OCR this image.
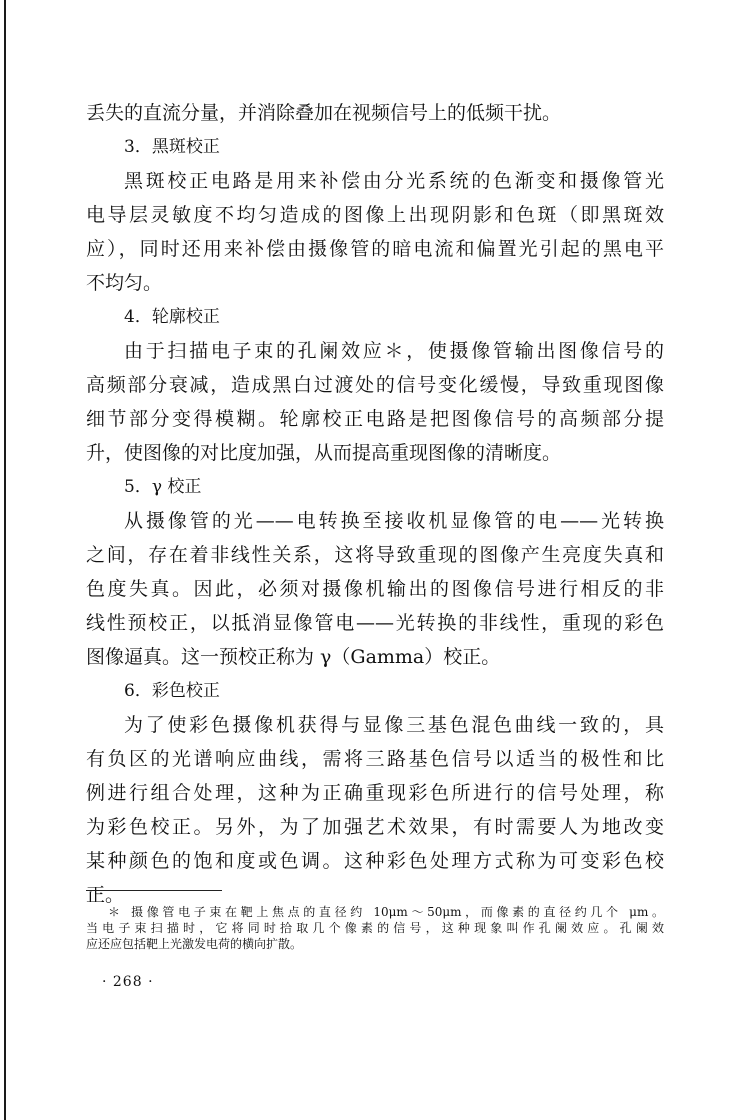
丢失的直流分量，并消除叠加在视频信号上的低频干扰。
3．黑斑校正
黑斑校正电路是用来补偿由分光系统的色渐变和摄像管光
电导层灵敏度不均匀造成的图像上出现阴影和色斑（即黑斑效
应），同时还用来补偿由摄像管的暗电流和偏置光引起的黑电平
不均匀。
4．轮廓校正
由于扫描电子束的孔阑效应＊，使摄像管输出图像信号的
高频部分衰减，造成黑白过渡处的信号变化缓慢，导致重现图像
细节部分变得模糊。轮廓校正电路是把图像信号的高频部分提
升，使图像的对比度加强，从而提高重现图像的清晰度。
5．γ 校正
从摄像管的光——电转换至接收机显像管的电——光转换
之间，存在着非线性关系，这将导致重现的图像产生亮度失真和
色度失真。因此，必须对摄像机输出的图像信号进行相反的非
线性预校正，以抵消显像管电——光转换的非线性，重现的彩色
图像逼真。这一预校正称为 γ（Gamma）校正。
6．彩色校正
为了使彩色摄像机获得与显像三基色混色曲线一致的，具
有负区的光谱响应曲线，需将三路基色信号以适当的极性和比
例进行组合处理，这种为正确重现彩色所进行的信号处理，称
为彩色校正。另外，为了加强艺术效果，有时需要人为地改变
某种颜色的饱和度或色调。这种彩色处理方式称为可变彩色校
正。
＊ 摄像管电子束在靶上焦点的直径约 10μm～50μm，而像素的直径约几个 μm。
当电子束扫描时，它将同时拾取几个像素的信号，这种现象叫作孔阑效应。孔阑效
应还应包括靶上光激发电荷的横向扩散。
· 268 ·
